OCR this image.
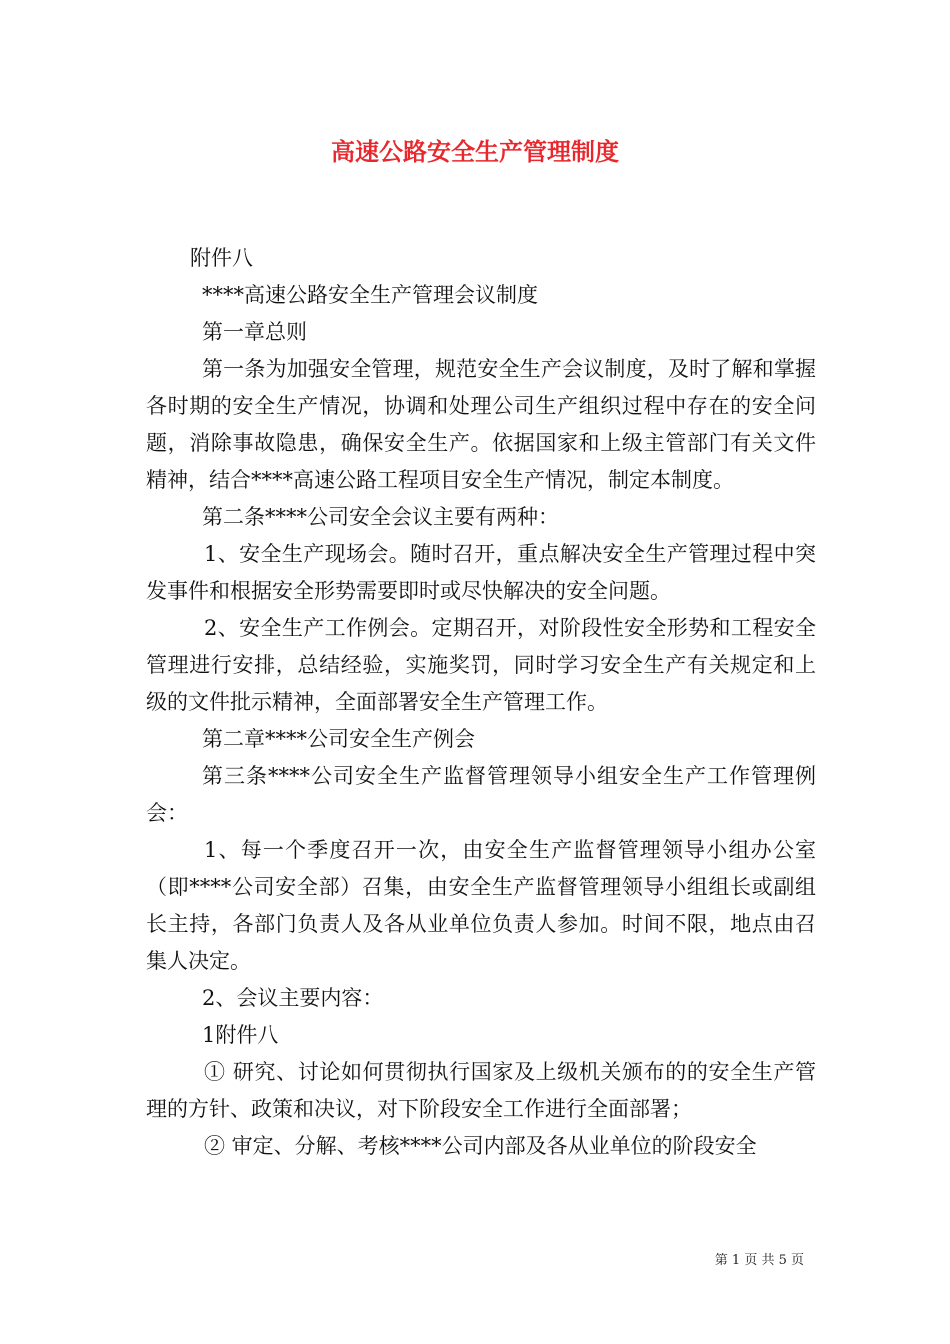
高速公路安全生产管理制度

附件八

****高速公路安全生产管理会议制度

第一章总则

第一条为加强安全管理，规范安全生产会议制度，及时了解和掌握各时期的安全生产情况，协调和处理公司生产组织过程中存在的安全问题，消除事故隐患，确保安全生产。依据国家和上级主管部门有关文件精神，结合****高速公路工程项目安全生产情况，制定本制度。

第二条****公司安全会议主要有两种：

1、安全生产现场会。随时召开，重点解决安全生产管理过程中突发事件和根据安全形势需要即时或尽快解决的安全问题。

2、安全生产工作例会。定期召开，对阶段性安全形势和工程安全管理进行安排，总结经验，实施奖罚，同时学习安全生产有关规定和上级的文件批示精神，全面部署安全生产管理工作。

第二章****公司安全生产例会

第三条****公司安全生产监督管理领导小组安全生产工作管理例会：

1、每一个季度召开一次，由安全生产监督管理领导小组办公室（即****公司安全部）召集，由安全生产监督管理领导小组组长或副组长主持，各部门负责人及各从业单位负责人参加。时间不限，地点由召集人决定。

2、会议主要内容：

1附件八

① 研究、讨论如何贯彻执行国家及上级机关颁布的的安全生产管理的方针、政策和决议，对下阶段安全工作进行全面部署；

② 审定、分解、考核****公司内部及各从业单位的阶段安全

第 1 页 共 5 页
